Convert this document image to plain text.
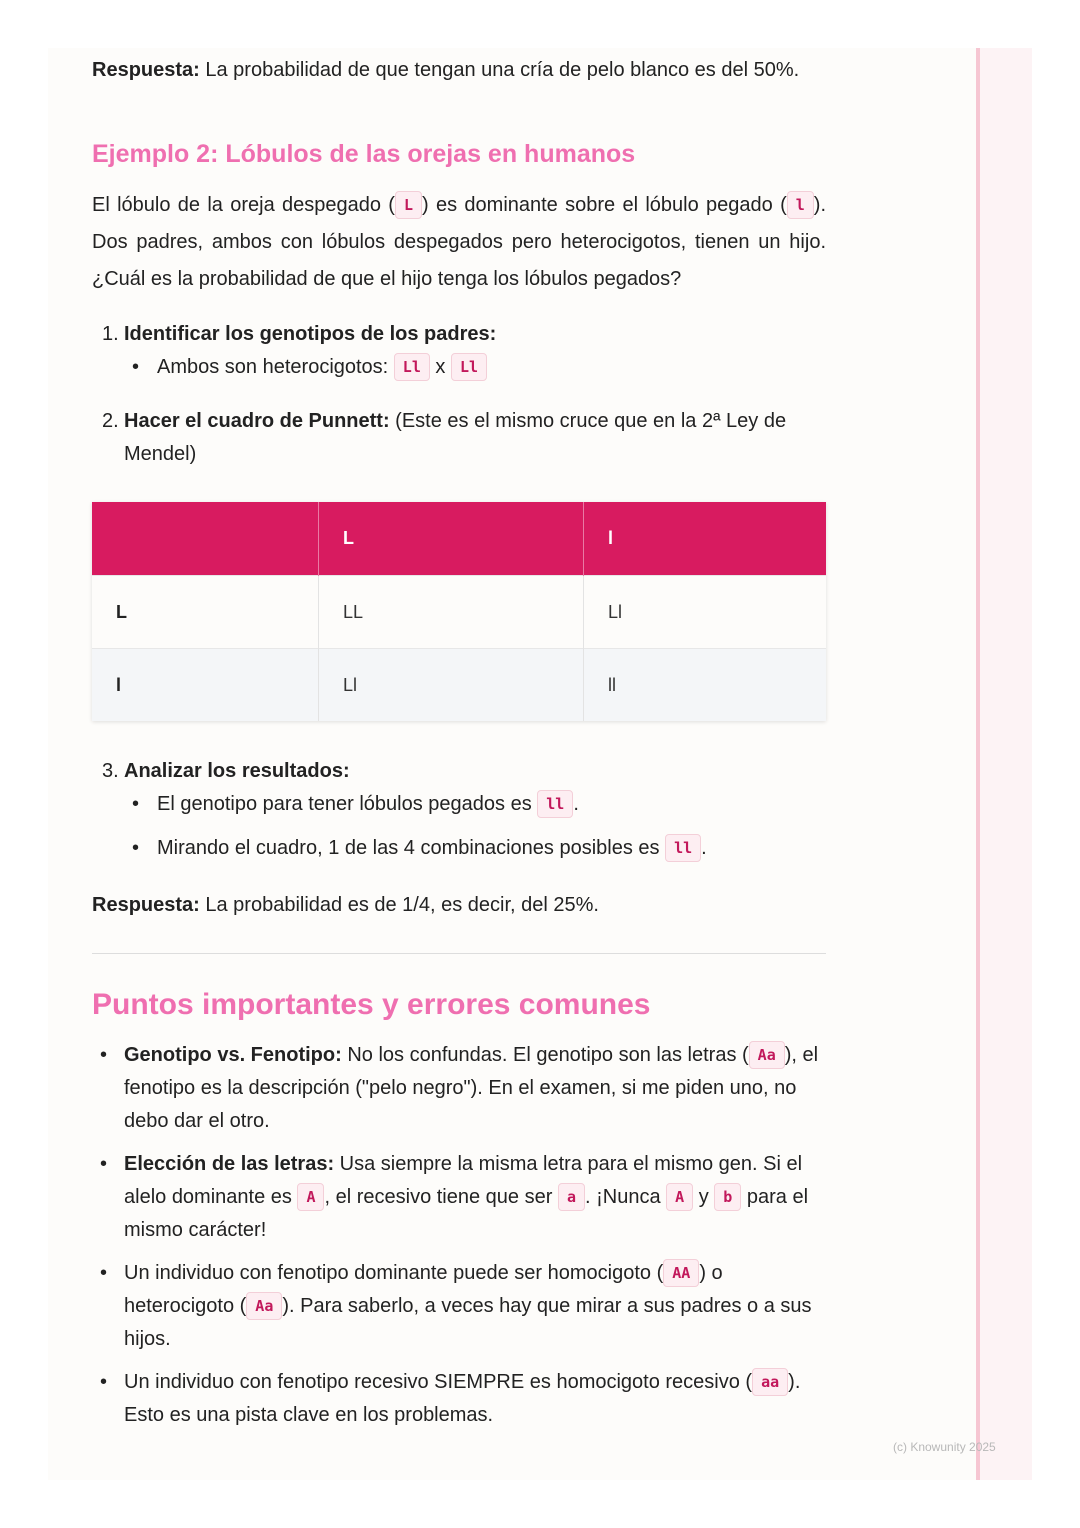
Respuesta: La probabilidad de que tengan una cría de pelo blanco es del 50%.

Ejemplo 2: Lóbulos de las orejas en humanos

El lóbulo de la oreja despegado ( L ) es dominante sobre el lóbulo pegado ( l ). Dos padres, ambos con lóbulos despegados pero heterocigotos, tienen un hijo. ¿Cuál es la probabilidad de que el hijo tenga los lóbulos pegados?

1. Identificar los genotipos de los padres:
• Ambos son heterocigotos: Ll x Ll
2. Hacer el cuadro de Punnett: (Este es el mismo cruce que en la 2ª Ley de Mendel)
	L	l
L	LL	Ll
l	Ll	ll
3. Analizar los resultados:
• El genotipo para tener lóbulos pegados es ll .
• Mirando el cuadro, 1 de las 4 combinaciones posibles es ll .

Respuesta: La probabilidad es de 1/4, es decir, del 25%.

Puntos importantes y errores comunes
• Genotipo vs. Fenotipo: No los confundas. El genotipo son las letras ( Aa ), el fenotipo es la descripción ("pelo negro"). En el examen, si me piden uno, no debo dar el otro.
• Elección de las letras: Usa siempre la misma letra para el mismo gen. Si el alelo dominante es A , el recesivo tiene que ser a . ¡Nunca A y b para el mismo carácter!
• Un individuo con fenotipo dominante puede ser homocigoto ( AA ) o heterocigoto ( Aa ). Para saberlo, a veces hay que mirar a sus padres o a sus hijos.
• Un individuo con fenotipo recesivo SIEMPRE es homocigoto recesivo ( aa ). Esto es una pista clave en los problemas.
(c) Knowunity 2025
